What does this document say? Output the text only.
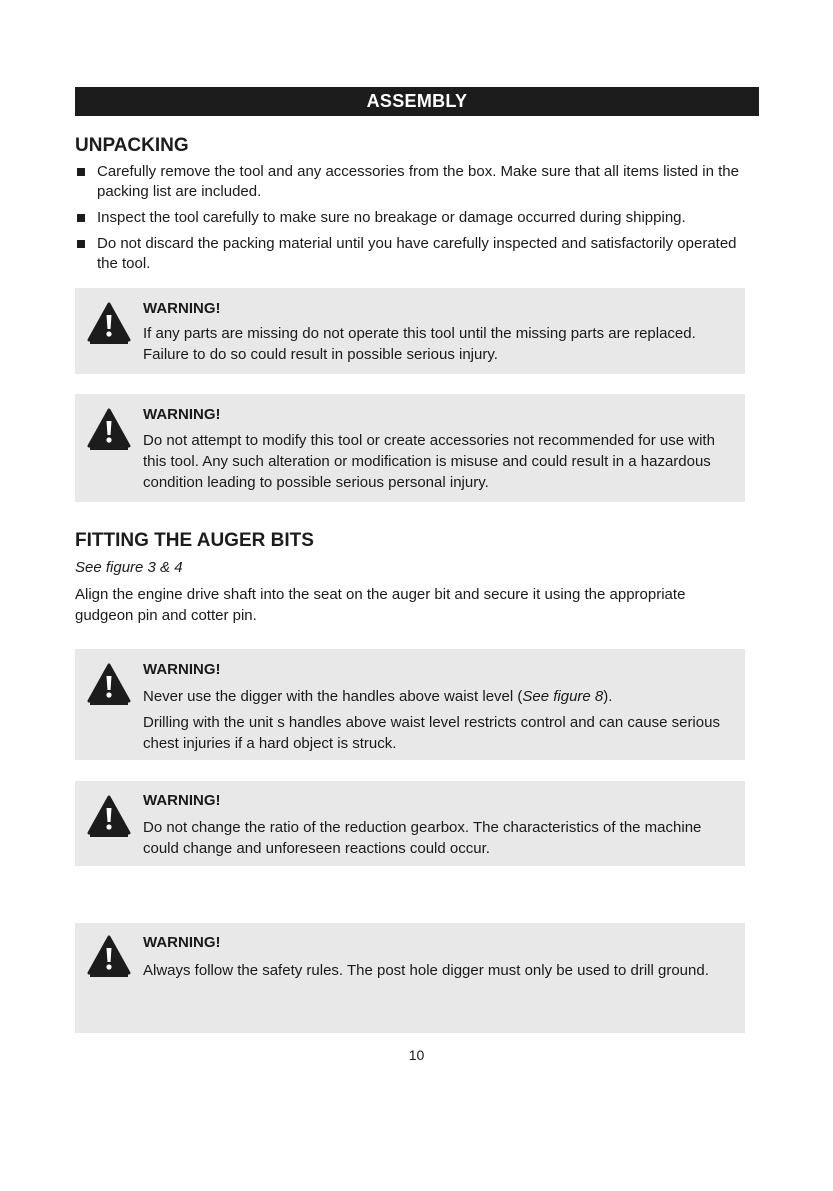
ASSEMBLY
UNPACKING
Carefully remove the tool and any accessories from the box. Make sure that all items listed in the packing list are included.
Inspect the tool carefully to make sure no breakage or damage occurred during shipping.
Do not discard the packing material until you have carefully inspected and satisfactorily operated the tool.
WARNING!

If any parts are missing do not operate this tool until the missing parts are replaced. Failure to do so could result in possible serious injury.

WARNING!

Do not attempt to modify this tool or create accessories not recommended for use with this tool. Any such alteration or modification is misuse and could result in a hazardous condition leading to possible serious personal injury.

FITTING THE AUGER BITS
See figure 3 & 4

Align the engine drive shaft into the seat on the auger bit and secure it using the appropriate gudgeon pin and cotter pin.

WARNING!

Never use the digger with the handles above waist level (See figure 8).

Drilling with the unit s handles above waist level restricts control and can cause serious chest injuries if a hard object is struck.

WARNING!

Do not change the ratio of the reduction gearbox. The characteristics of the machine could change and unforeseen reactions could occur.

WARNING!

Always follow the safety rules. The post hole digger must only be used to drill ground.

10
